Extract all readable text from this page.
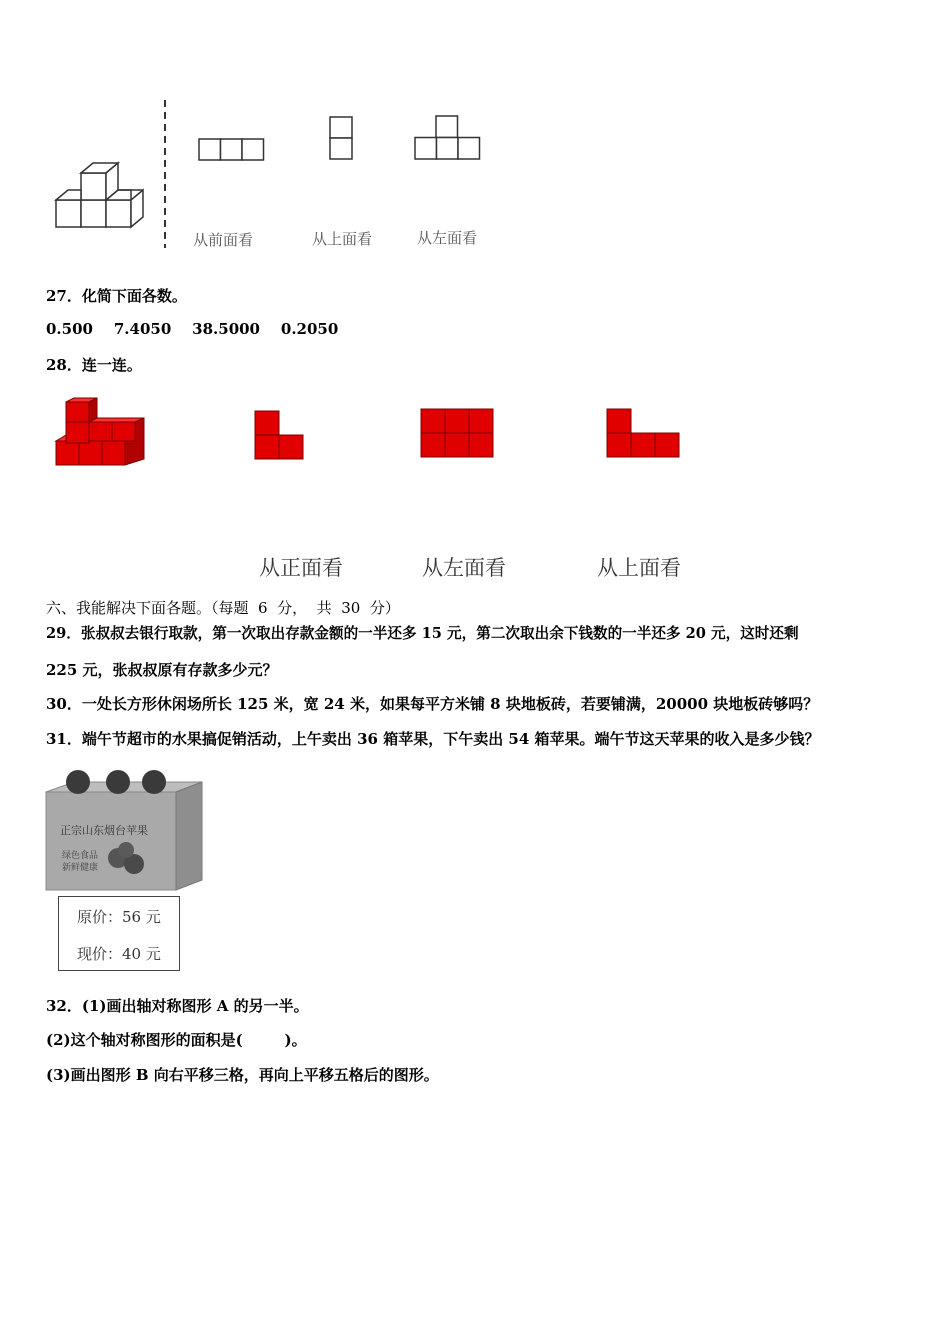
从前面看	从上面看	从左面看
27．化简下面各数。
0.500    7.4050    38.5000    0.2050
28．连一连。
从正面看	从左面看	从上面看
六、我能解决下面各题。（每题  6  分，  共  30  分）
29．张叔叔去银行取款，第一次取出存款金额的一半还多 15 元，第二次取出余下钱数的一半还多 20 元，这时还剩
225 元，张叔叔原有存款多少元？
30．一处长方形休闲场所长 125 米，宽 24 米，如果每平方米铺 8 块地板砖，若要铺满，20000 块地板砖够吗？
31．端午节超市的水果搞促销活动，上午卖出 36 箱苹果，下午卖出 54 箱苹果。端午节这天苹果的收入是多少钱？
正宗山东烟台苹果
绿色食品
新鲜健康
原价：56 元
现价：40 元
32．(1)画出轴对称图形 A 的另一半。
(2)这个轴对称图形的面积是(        )。
(3)画出图形 B 向右平移三格，再向上平移五格后的图形。
